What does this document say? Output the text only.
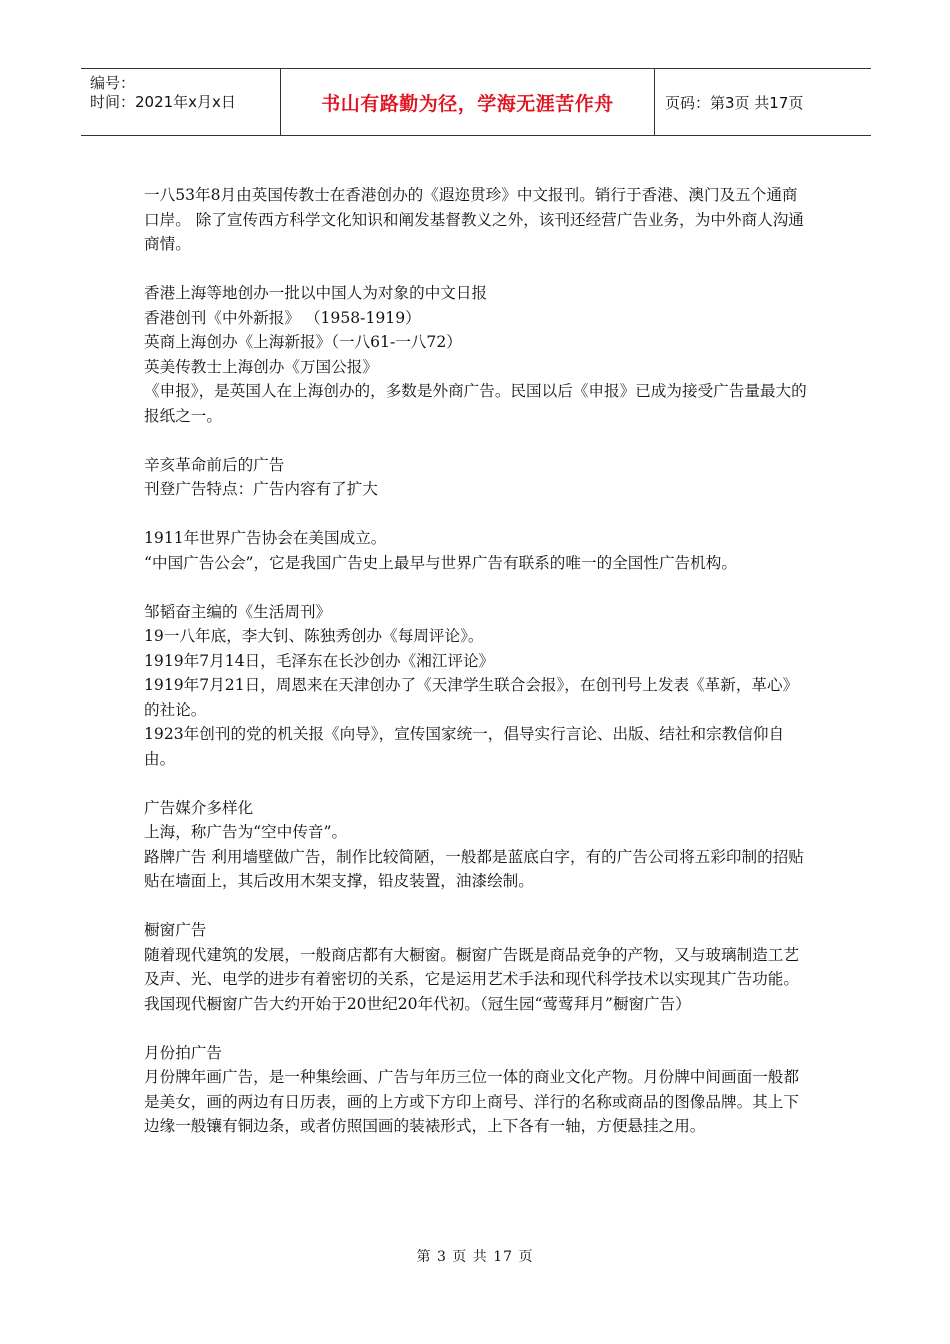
编号：
时间：2021年x月x日	书山有路勤为径，学海无涯苦作舟	页码：第3页 共17页

一八53年8月由英国传教士在香港创办的《遐迩贯珍》中文报刊。销行于香港、澳门及五个通商口岸。 除了宣传西方科学文化知识和阐发基督教义之外，该刊还经营广告业务，为中外商人沟通商情。

香港上海等地创办一批以中国人为对象的中文日报

香港创刊《中外新报》 （1958-1919）

英商上海创办《上海新报》（一八61-一八72）

英美传教士上海创办《万国公报》

《申报》，是英国人在上海创办的，多数是外商广告。民国以后《申报》已成为接受广告量最大的报纸之一。

辛亥革命前后的广告

刊登广告特点：广告内容有了扩大

1911年世界广告协会在美国成立。

“中国广告公会”，它是我国广告史上最早与世界广告有联系的唯一的全国性广告机构。

邹韬奋主编的《生活周刊》

19一八年底，李大钊、陈独秀创办《每周评论》。

1919年7月14日，毛泽东在长沙创办《湘江评论》

1919年7月21日，周恩来在天津创办了《天津学生联合会报》，在创刊号上发表《革新，革心》的社论。

1923年创刊的党的机关报《向导》，宣传国家统一，倡导实行言论、出版、结社和宗教信仰自由。

广告媒介多样化

上海，称广告为“空中传音”。

路牌广告 利用墙壁做广告，制作比较简陋，一般都是蓝底白字，有的广告公司将五彩印制的招贴贴在墙面上，其后改用木架支撑，铅皮装置，油漆绘制。

橱窗广告

随着现代建筑的发展，一般商店都有大橱窗。橱窗广告既是商品竞争的产物，又与玻璃制造工艺及声、光、电学的进步有着密切的关系，它是运用艺术手法和现代科学技术以实现其广告功能。我国现代橱窗广告大约开始于20世纪20年代初。（冠生园“莺莺拜月”橱窗广告）

月份拍广告

月份牌年画广告，是一种集绘画、广告与年历三位一体的商业文化产物。月份牌中间画面一般都是美女，画的两边有日历表，画的上方或下方印上商号、洋行的名称或商品的图像品牌。其上下边缘一般镶有铜边条，或者仿照国画的装裱形式，上下各有一轴，方便悬挂之用。

第 3 页 共 17 页
